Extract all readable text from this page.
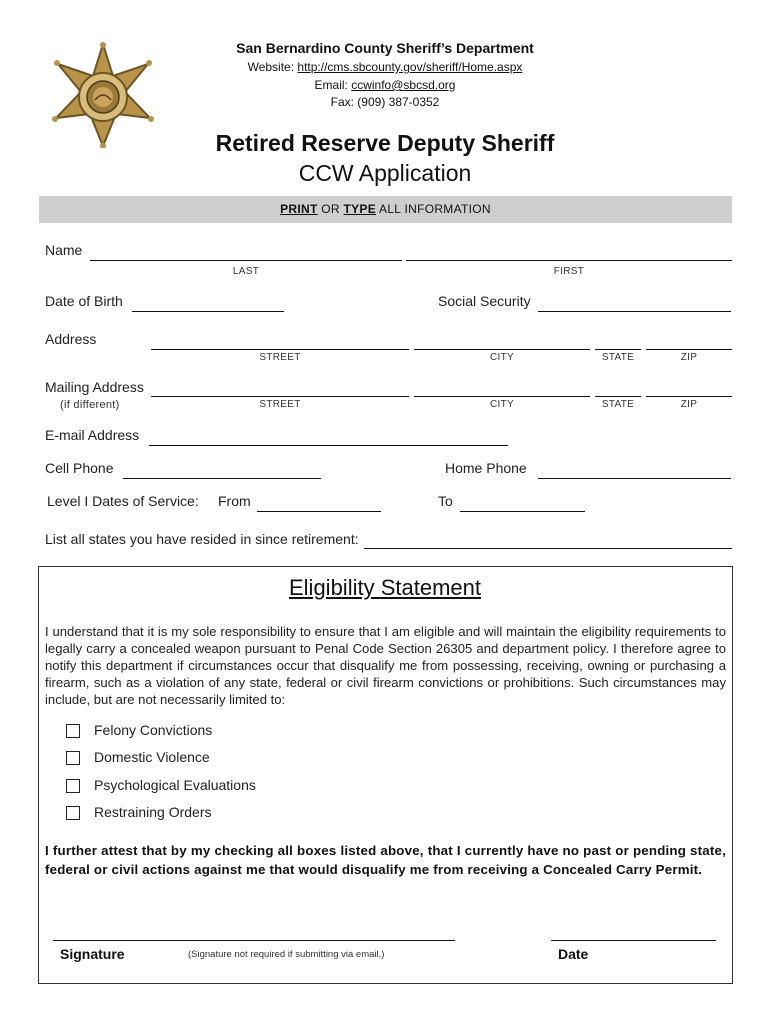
San Bernardino County Sheriff’s Department
Website: http://cms.sbcounty.gov/sheriff/Home.aspx
Email: ccwinfo@sbcsd.org
Fax: (909) 387-0352
Retired Reserve Deputy Sheriff
CCW Application
PRINT OR TYPE ALL INFORMATION
Name
LAST	FIRST
Date of Birth	Social Security
Address
STREET	CITY	STATE	ZIP
Mailing Address
(if different)	STREET	CITY	STATE	ZIP
E-mail Address
Cell Phone	Home Phone
Level I Dates of Service: From	To
List all states you have resided in since retirement:
Eligibility Statement
I understand that it is my sole responsibility to ensure that I am eligible and will maintain the eligibility requirements to legally carry a concealed weapon pursuant to Penal Code Section 26305 and department policy. I therefore agree to notify this department if circumstances occur that disqualify me from possessing, receiving, owning or purchasing a firearm, such as a violation of any state, federal or civil firearm convictions or prohibitions. Such circumstances may include, but are not necessarily limited to:
Felony Convictions
Domestic Violence
Psychological Evaluations
Restraining Orders
I further attest that by my checking all boxes listed above, that I currently have no past or pending state, federal or civil actions against me that would disqualify me from receiving a Concealed Carry Permit.
Signature	(Signature not required if submitting via email.)	Date
